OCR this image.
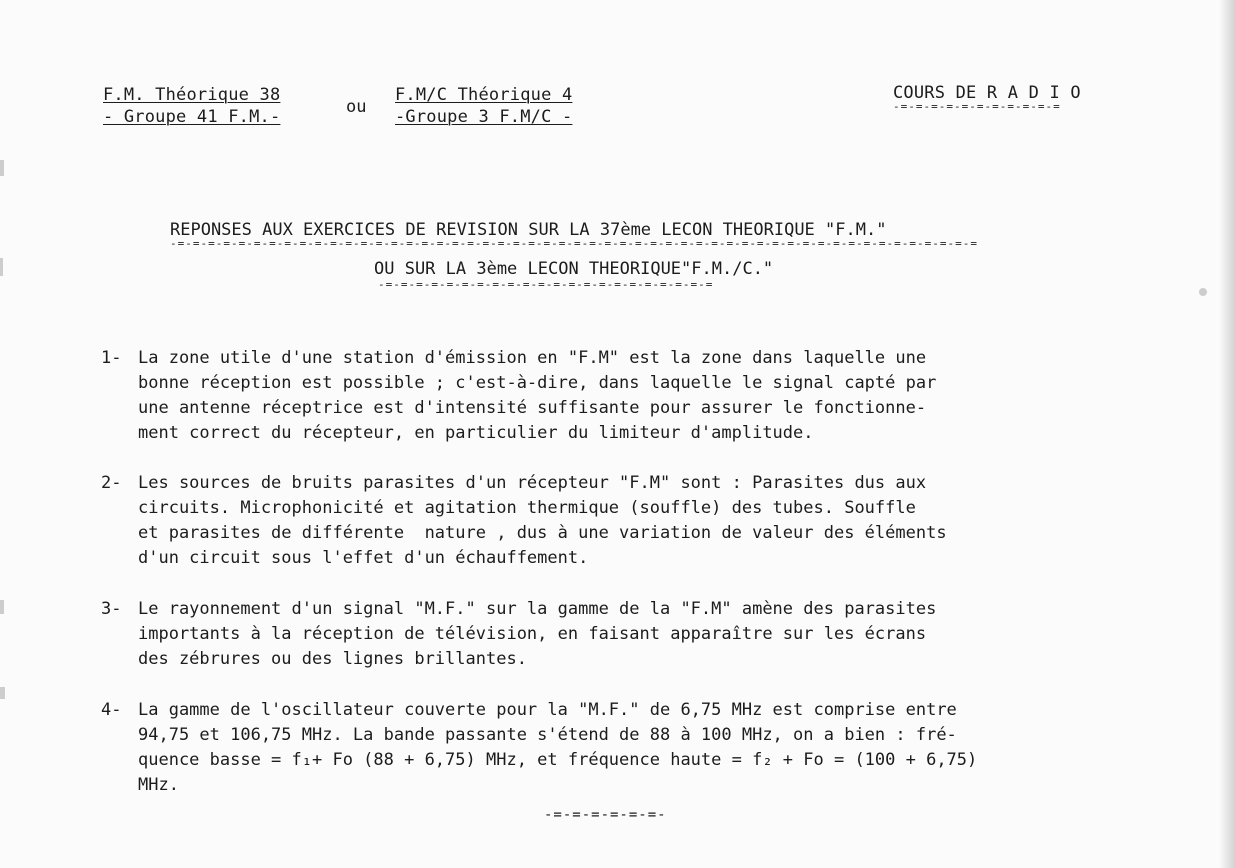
F.M. Théorique 38
- Groupe 41 F.M.-	ou
F.M/C Théorique 4
-Groupe 3 F.M/C -
COURS DE R A D I O
-=-=-=-=-=-=-=-=-=-=-=
REPONSES AUX EXERCICES DE REVISION SUR LA 37ème LECON THEORIQUE "F.M."
-=-=-=-=-=-=-=-=-=-=-=-=-=-=-=-=-=-=-=-=-=-=-=-=-=-=-=-=-=-=-=-=-=-=-=-=-=-=-=-=-=-=-=-=-=-=-=-=-=-=-=-=-=
OU SUR LA 3ème LECON THEORIQUE"F.M./C."
-=-=-=-=-=-=-=-=-=-=-=-=-=-=-=-=-=-=-=-=-=-=
1- La zone utile d'une station d'émission en "F.M" est la zone dans laquelle une
bonne réception est possible ; c'est-à-dire, dans laquelle le signal capté par
une antenne réceptrice est d'intensité suffisante pour assurer le fonctionne-
ment correct du récepteur, en particulier du limiteur d'amplitude.
2- Les sources de bruits parasites d'un récepteur "F.M" sont : Parasites dus aux
circuits. Microphonicité et agitation thermique (souffle) des tubes. Souffle
et parasites de différente  nature , dus à une variation de valeur des éléments
d'un circuit sous l'effet d'un échauffement.
3- Le rayonnement d'un signal "M.F." sur la gamme de la "F.M" amène des parasites
importants à la réception de télévision, en faisant apparaître sur les écrans
des zébrures ou des lignes brillantes.
4- La gamme de l'oscillateur couverte pour la "M.F." de 6,75 MHz est comprise entre
94,75 et 106,75 MHz. La bande passante s'étend de 88 à 100 MHz, on a bien : fré-
quence basse = f₁+ Fo (88 + 6,75) MHz, et fréquence haute = f₂ + Fo = (100 + 6,75)
MHz.
-=-=-=-=-=-=-
